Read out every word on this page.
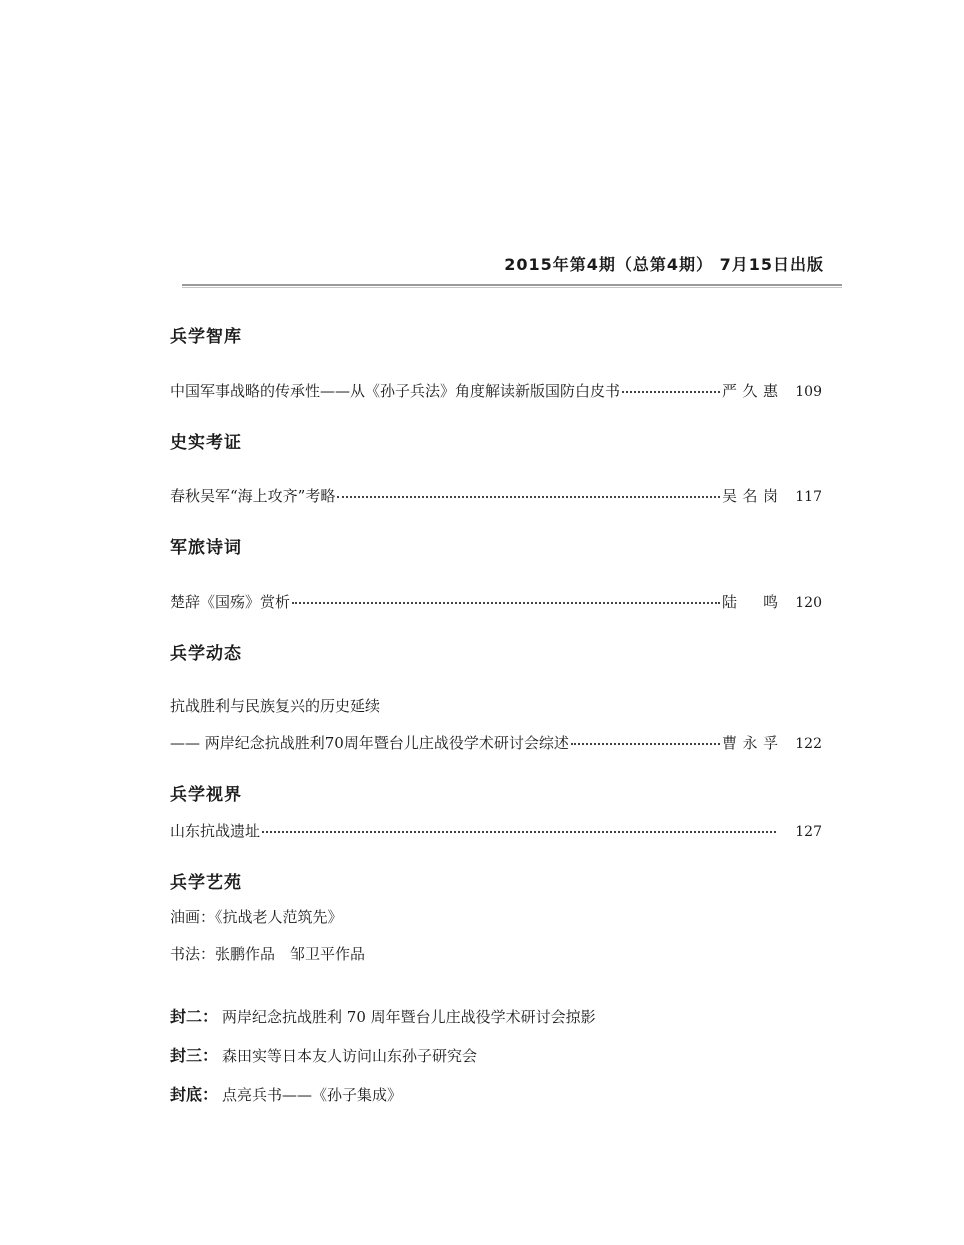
2015年第4期（总第4期） 7月15日出版
兵学智库
中国军事战略的传承性——从《孙子兵法》角度解读新版国防白皮书	严久惠 109
史实考证
春秋吴军“海上攻齐”考略	吴名岗 117
军旅诗词
楚辞《国殇》赏析	陆鸣 120
兵学动态
抗战胜利与民族复兴的历史延续
—— 两岸纪念抗战胜利70周年暨台儿庄战役学术研讨会综述	曹永孚 122
兵学视界
山东抗战遗址	127
兵学艺苑
油画：《抗战老人范筑先》
书法：张鹏作品　邹卫平作品
封二： 两岸纪念抗战胜利 70 周年暨台儿庄战役学术研讨会掠影
封三： 森田实等日本友人访问山东孙子研究会
封底： 点亮兵书——《孙子集成》
